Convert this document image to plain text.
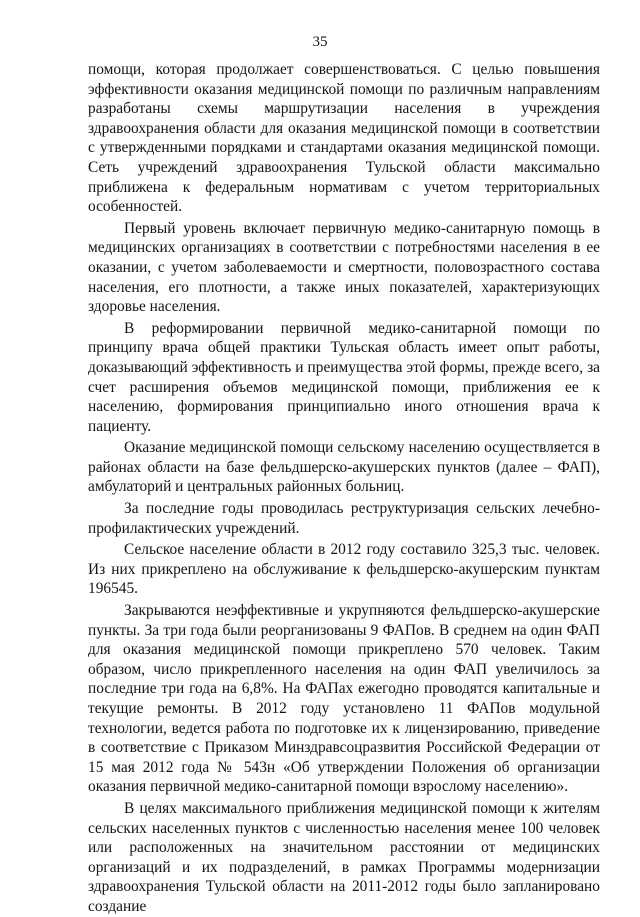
35

помощи, которая продолжает совершенствоваться. С целью повышения эффективности оказания медицинской помощи по различным направлениям разработаны схемы маршрутизации населения в учреждения здравоохранения области для оказания медицинской помощи в соответствии с утвержденными порядками и стандартами оказания медицинской помощи. Сеть учреждений здравоохранения Тульской области максимально приближена к федеральным нормативам с учетом территориальных особенностей.

Первый уровень включает первичную медико-санитарную помощь в медицинских организациях в соответствии с потребностями населения в ее оказании, с учетом заболеваемости и смертности, половозрастного состава населения, его плотности, а также иных показателей, характеризующих здоровье населения.

В реформировании первичной медико-санитарной помощи по принципу врача общей практики Тульская область имеет опыт работы, доказывающий эффективность и преимущества этой формы, прежде всего, за счет расширения объемов медицинской помощи, приближения ее к населению, формирования принципиально иного отношения врача к пациенту.

Оказание медицинской помощи сельскому населению осуществляется в районах области на базе фельдшерско-акушерских пунктов (далее – ФАП), амбулаторий и центральных районных больниц.

За последние годы проводилась реструктуризация сельских лечебно-профилактических учреждений.

Сельское население области в 2012 году составило 325,3 тыс. человек. Из них прикреплено на обслуживание к фельдшерско-акушерским пунктам 196545.

Закрываются неэффективные и укрупняются фельдшерско-акушерские пункты. За три года были реорганизованы 9 ФАПов. В среднем на один ФАП для оказания медицинской помощи прикреплено 570 человек. Таким образом, число прикрепленного населения на один ФАП увеличилось за последние три года на 6,8%. На ФАПах ежегодно проводятся капитальные и текущие ремонты. В 2012 году установлено 11 ФАПов модульной технологии, ведется работа по подготовке их к лицензированию, приведение в соответствие с Приказом Минздравсоцразвития Российской Федерации от 15 мая 2012 года № 543н «Об утверждении Положения об организации оказания первичной медико-санитарной помощи взрослому населению».

В целях максимального приближения медицинской помощи к жителям сельских населенных пунктов с численностью населения менее 100 человек или расположенных на значительном расстоянии от медицинских организаций и их подразделений, в рамках Программы модернизации здравоохранения Тульской области на 2011-2012 годы было запланировано создание
